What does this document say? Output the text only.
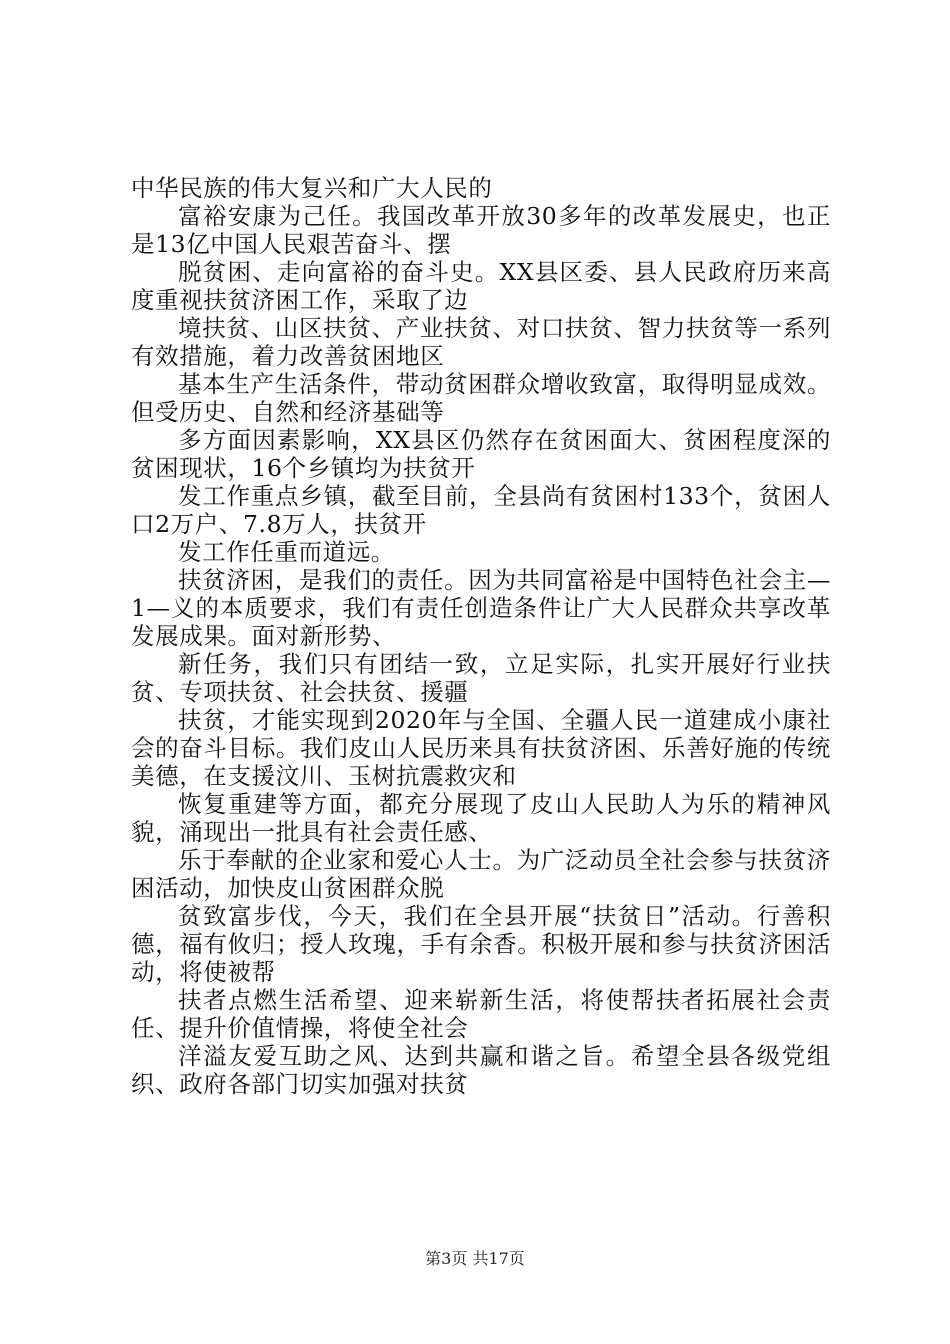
中华民族的伟大复兴和广大人民的

富裕安康为己任。我国改革开放30多年的改革发展史，也正是13亿中国人民艰苦奋斗、摆

脱贫困、走向富裕的奋斗史。XX县区委、县人民政府历来高度重视扶贫济困工作，采取了边

境扶贫、山区扶贫、产业扶贫、对口扶贫、智力扶贫等一系列有效措施，着力改善贫困地区

基本生产生活条件，带动贫困群众增收致富，取得明显成效。但受历史、自然和经济基础等

多方面因素影响，XX县区仍然存在贫困面大、贫困程度深的贫困现状，16个乡镇均为扶贫开

发工作重点乡镇，截至目前，全县尚有贫困村133个，贫困人口2万户、7.8万人，扶贫开

发工作任重而道远。

扶贫济困，是我们的责任。因为共同富裕是中国特色社会主—1—义的本质要求，我们有责任创造条件让广大人民群众共享改革发展成果。面对新形势、

新任务，我们只有团结一致，立足实际，扎实开展好行业扶贫、专项扶贫、社会扶贫、援疆

扶贫，才能实现到2020年与全国、全疆人民一道建成小康社会的奋斗目标。我们皮山人民历来具有扶贫济困、乐善好施的传统美德，在支援汶川、玉树抗震救灾和

恢复重建等方面，都充分展现了皮山人民助人为乐的精神风貌，涌现出一批具有社会责任感、

乐于奉献的企业家和爱心人士。为广泛动员全社会参与扶贫济困活动，加快皮山贫困群众脱

贫致富步伐，今天，我们在全县开展“扶贫日”活动。行善积德，福有攸归；授人玫瑰，手有余香。积极开展和参与扶贫济困活动，将使被帮

扶者点燃生活希望、迎来崭新生活，将使帮扶者拓展社会责任、提升价值情操，将使全社会

洋溢友爱互助之风、达到共赢和谐之旨。希望全县各级党组织、政府各部门切实加强对扶贫

第3页 共17页
